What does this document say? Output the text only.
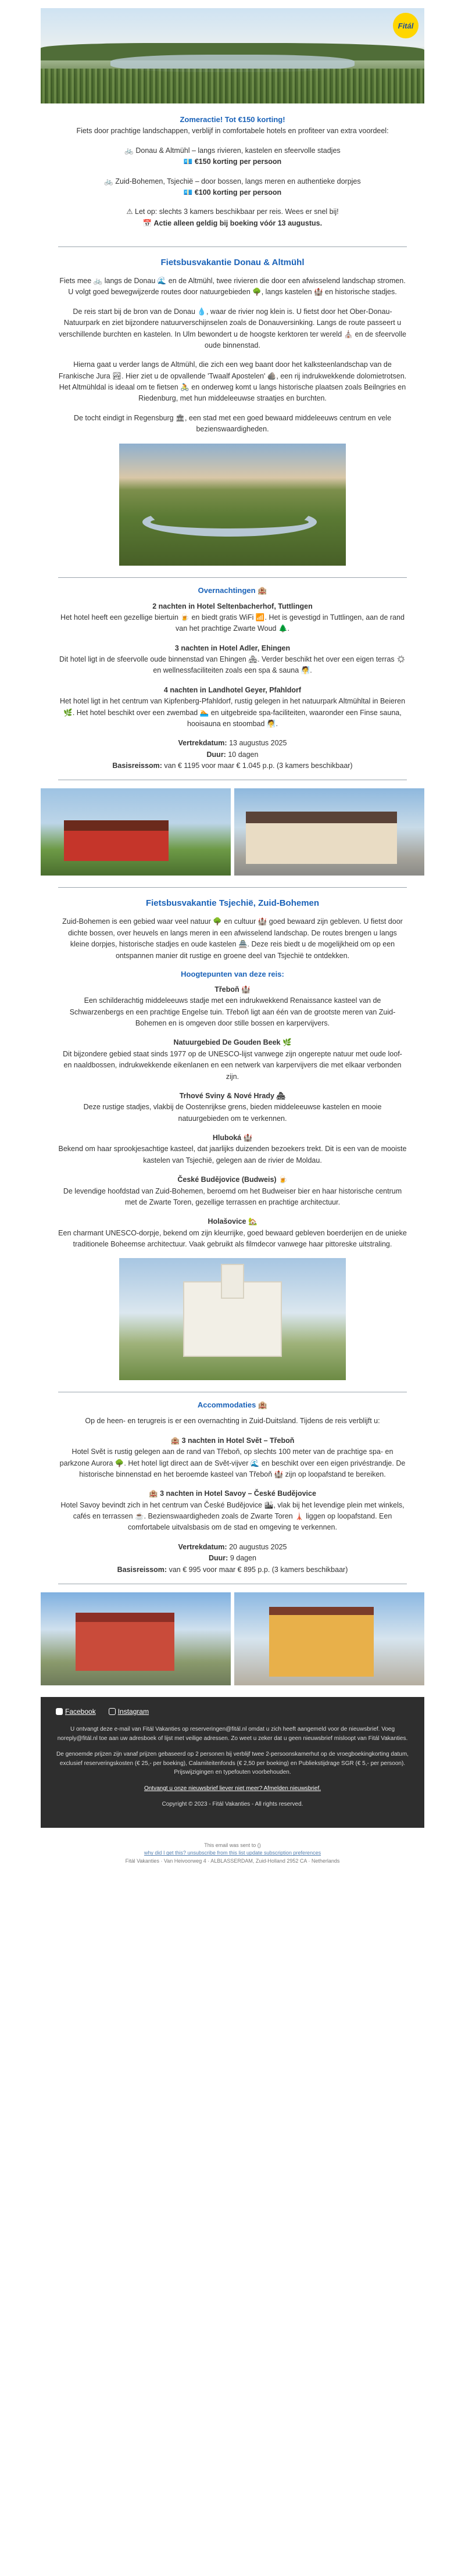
Fitál

Zomeractie! Tot €150 korting!
Fiets door prachtige landschappen, verblijf in comfortabele hotels en profiteer van extra voordeel:

🚲 Donau & Altmühl – langs rivieren, kastelen en sfeervolle stadjes
💶 €150 korting per persoon

🚲 Zuid-Bohemen, Tsjechië – door bossen, langs meren en authentieke dorpjes
💶 €100 korting per persoon

⚠ Let op: slechts 3 kamers beschikbaar per reis. Wees er snel bij!
📅 Actie alleen geldig bij boeking vóór 13 augustus.

Fietsbusvakantie Donau & Altmühl

Fiets mee 🚲 langs de Donau 🌊 en de Altmühl, twee rivieren die door een afwisselend landschap stromen. U volgt goed bewegwijzerde routes door natuurgebieden 🌳, langs kastelen 🏰 en historische stadjes.

De reis start bij de bron van de Donau 💧, waar de rivier nog klein is. U fietst door het Ober-Donau-Natuurpark en ziet bijzondere natuurverschijnselen zoals de Donauversinking. Langs de route passeert u verschillende burchten en kastelen. In Ulm bewondert u de hoogste kerktoren ter wereld ⛪ en de sfeervolle oude binnenstad.

Hierna gaat u verder langs de Altmühl, die zich een weg baant door het kalksteenlandschap van de Frankische Jura 🏞. Hier ziet u de opvallende 'Twaalf Apostelen' 🪨, een rij indrukwekkende dolomietrotsen. Het Altmühldal is ideaal om te fietsen 🚴 en onderweg komt u langs historische plaatsen zoals Beilngries en Riedenburg, met hun middeleeuwse straatjes en burchten.

De tocht eindigt in Regensburg 🏛, een stad met een goed bewaard middeleeuws centrum en vele bezienswaardigheden.

Overnachtingen 🏨

2 nachten in Hotel Seltenbacherhof, Tuttlingen
Het hotel heeft een gezellige biertuin 🍺 en biedt gratis WiFi 📶. Het is gevestigd in Tuttlingen, aan de rand van het prachtige Zwarte Woud 🌲.

3 nachten in Hotel Adler, Ehingen
Dit hotel ligt in de sfeervolle oude binnenstad van Ehingen 🏘. Verder beschikt het over een eigen terras ☀ en wellnessfaciliteiten zoals een spa & sauna 🧖.

4 nachten in Landhotel Geyer, Pfahldorf
Het hotel ligt in het centrum van Kipfenberg-Pfahldorf, rustig gelegen in het natuurpark Altmühltal in Beieren 🌿. Het hotel beschikt over een zwembad 🏊 en uitgebreide spa-faciliteiten, waaronder een Finse sauna, hooisauna en stoombad 🧖.

Vertrekdatum: 13 augustus 2025
Duur: 10 dagen
Basisreissom: van € 1195 voor maar € 1.045 p.p. (3 kamers beschikbaar)

Fietsbusvakantie Tsjechië, Zuid-Bohemen

Zuid-Bohemen is een gebied waar veel natuur 🌳 en cultuur 🏰 goed bewaard zijn gebleven. U fietst door dichte bossen, over heuvels en langs meren in een afwisselend landschap. De routes brengen u langs kleine dorpjes, historische stadjes en oude kastelen 🏯. Deze reis biedt u de mogelijkheid om op een ontspannen manier dit rustige en groene deel van Tsjechië te ontdekken.

Hoogtepunten van deze reis:

Třeboň 🏰
Een schilderachtig middeleeuws stadje met een indrukwekkend Renaissance kasteel van de Schwarzenbergs en een prachtige Engelse tuin. Třeboň ligt aan één van de grootste meren van Zuid-Bohemen en is omgeven door stille bossen en karpervijvers.

Natuurgebied De Gouden Beek 🌿
Dit bijzondere gebied staat sinds 1977 op de UNESCO-lijst vanwege zijn ongerepte natuur met oude loof- en naaldbossen, indrukwekkende eikenlanen en een netwerk van karpervijvers die met elkaar verbonden zijn.

Trhové Sviny & Nové Hrady 🏘
Deze rustige stadjes, vlakbij de Oostenrijkse grens, bieden middeleeuwse kastelen en mooie natuurgebieden om te verkennen.

Hluboká 🏰
Bekend om haar sprookjesachtige kasteel, dat jaarlijks duizenden bezoekers trekt. Dit is een van de mooiste kastelen van Tsjechië, gelegen aan de rivier de Moldau.

České Budějovice (Budweis) 🍺
De levendige hoofdstad van Zuid-Bohemen, beroemd om het Budweiser bier en haar historische centrum met de Zwarte Toren, gezellige terrassen en prachtige architectuur.

Holašovice 🏡
Een charmant UNESCO-dorpje, bekend om zijn kleurrijke, goed bewaard gebleven boerderijen en de unieke traditionele Boheemse architectuur. Vaak gebruikt als filmdecor vanwege haar pittoreske uitstraling.

Accommodaties 🏨

Op de heen- en terugreis is er een overnachting in Zuid-Duitsland. Tijdens de reis verblijft u:

🏨 3 nachten in Hotel Svět – Třeboň
Hotel Svět is rustig gelegen aan de rand van Třeboň, op slechts 100 meter van de prachtige spa- en parkzone Aurora 🌳. Het hotel ligt direct aan de Svět-vijver 🌊 en beschikt over een eigen privéstrandje. De historische binnenstad en het beroemde kasteel van Třeboň 🏰 zijn op loopafstand te bereiken.

🏨 3 nachten in Hotel Savoy – České Budějovice
Hotel Savoy bevindt zich in het centrum van České Budějovice 🏙, vlak bij het levendige plein met winkels, cafés en terrassen ☕. Bezienswaardigheden zoals de Zwarte Toren 🗼 liggen op loopafstand. Een comfortabele uitvalsbasis om de stad en omgeving te verkennen.

Vertrekdatum: 20 augustus 2025
Duur: 9 dagen
Basisreissom: van € 995 voor maar € 895 p.p. (3 kamers beschikbaar)

Facebook	Instagram

U ontvangt deze e-mail van Fitál Vakanties op reserveringen@fitál.nl omdat u zich heeft aangemeld voor de nieuwsbrief. Voeg noreply@fitál.nl toe aan uw adresboek of lijst met veilige adressen. Zo weet u zeker dat u geen nieuwsbrief misloopt van Fitál Vakanties.

De genoemde prijzen zijn vanaf prijzen gebaseerd op 2 personen bij verblijf twee 2-persoonskamerhut op de vroegboekingkorting datum, exclusief reserveringskosten (€ 25,- per boeking), Calamiteitenfonds (€ 2,50 per boeking) en Publiekstijdrage SGR (€ 5,- per persoon). Prijswijzigingen en typefouten voorbehouden.

Ontvangt u onze nieuwsbrief liever niet meer? Afmelden nieuwsbrief.

Copyright © 2023 - Fitál Vakanties - All rights reserved.

This email was sent to ()
why did I get this? unsubscribe from this list update subscription preferences
Fitál Vakanties · Van Heivoorweg 4 · ALBLASSERDAM, Zuid-Holland 2952 CA · Netherlands
